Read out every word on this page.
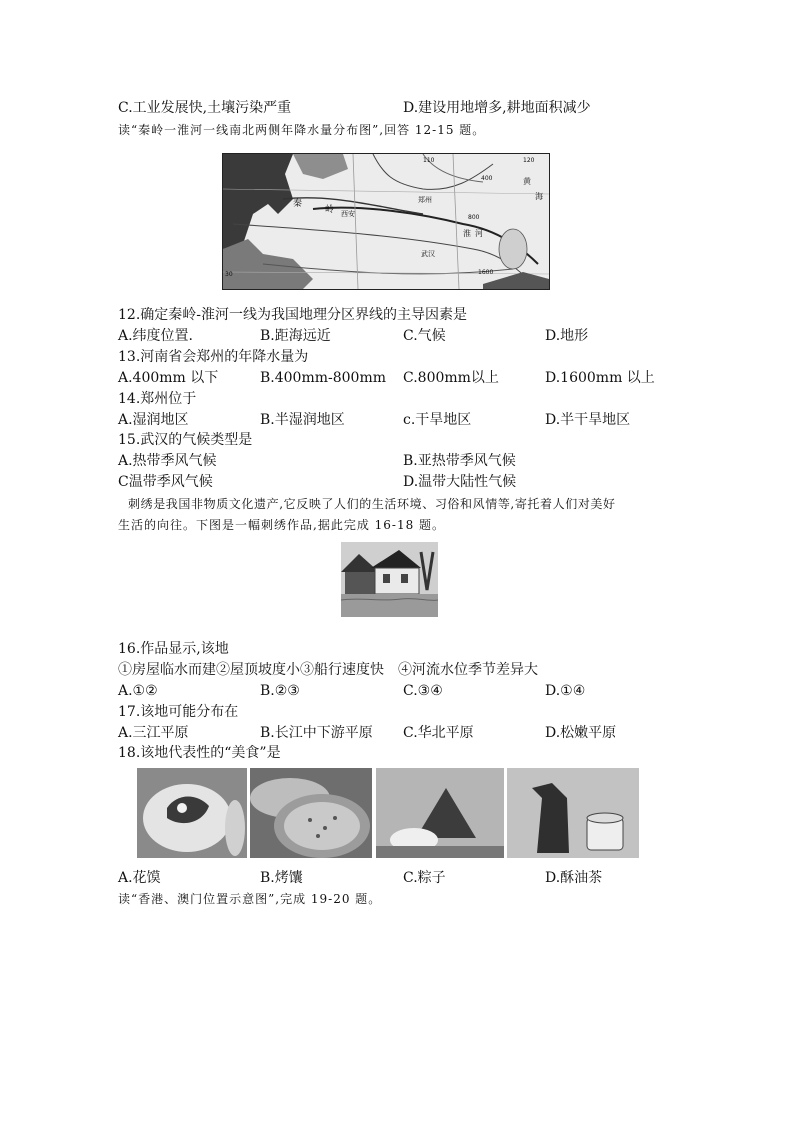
C.工业发展快,土壤污染严重	D.建设用地增多,耕地面积减少
读“秦岭一淮河一线南北两侧年降水量分布图”,回答 12-15 题。
秦
岭
郑州
西安
武汉
淮 河
黄
海
400
800
1600
110	120
30
12.确定秦岭-淮河一线为我国地理分区界线的主导因素是
A.纬度位置.	B.距海远近	C.气候	D.地形
13.河南省会郑州的年降水量为
A.400mm 以下	B.400mm-800mm C.800mm以上	D.1600mm 以上
14.郑州位于
A.湿润地区	B.半湿润地区	c.干旱地区	D.半干旱地区
15.武汉的气候类型是
A.热带季风气候	B.亚热带季风气候
C温带季风气候	D.温带大陆性气候
刺绣是我国非物质文化遗产,它反映了人们的生活环境、习俗和风情等,寄托着人们对美好
生活的向往。下图是一幅刺绣作品,据此完成 16-18 题。
16.作品显示,该地
①房屋临水而建②屋顶坡度小③船行速度快　④河流水位季节差异大
A.①②	B.②③	C.③④	D.①④
17.该地可能分布在
A.三江平原	B.长江中下游平原 C.华北平原	D.松嫩平原
18.该地代表性的“美食”是
A.花馍	B.烤馕	C.粽子	D.酥油茶
读“香港、澳门位置示意图”,完成 19-20 题。
